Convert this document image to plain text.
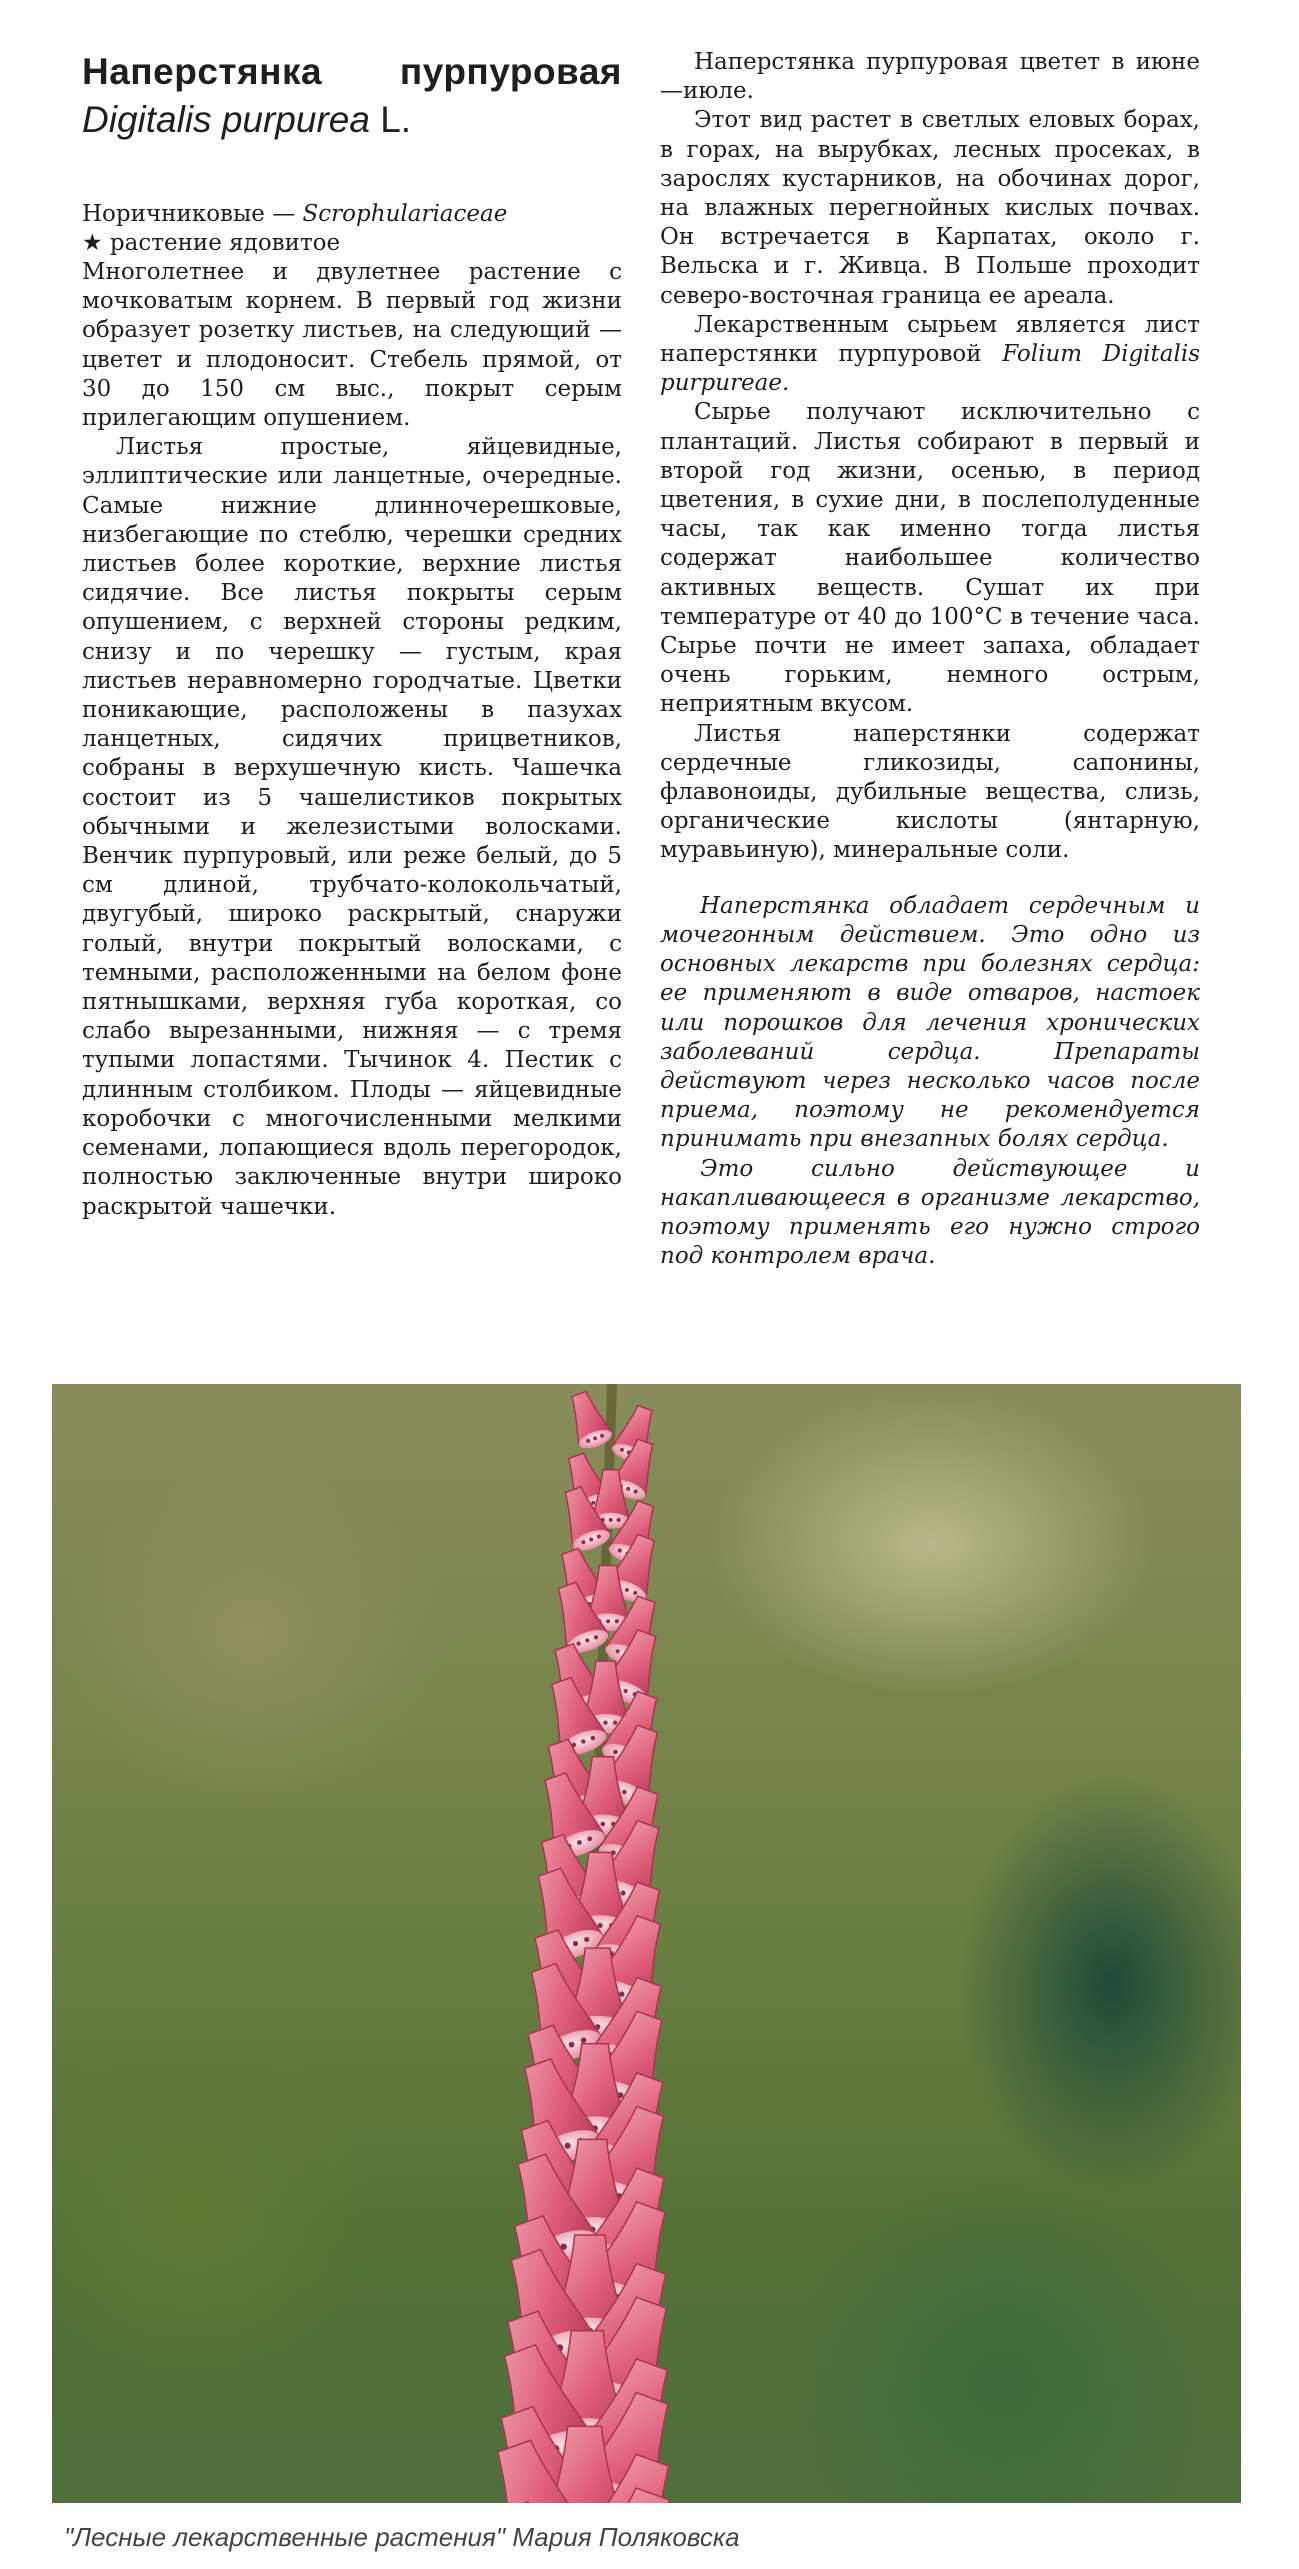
Наперстянка пурпуровая
Digitalis purpurea L.
Норичниковые — Scrophulariaceae
★ растение ядовитое

Многолетнее и двулетнее растение с мочковатым корнем. В первый год жизни образует розетку листьев, на следующий — цветет и плодоносит. Стебель прямой, от 30 до 150 см выс., покрыт серым прилегающим опушением.

Листья простые, яйцевидные, эллиптические или ланцетные, очередные. Самые нижние длинночерешковые, низбегающие по стеблю, черешки средних листьев более короткие, верхние листья сидячие. Все листья покрыты серым опушением, с верхней стороны редким, снизу и по черешку — густым, края листьев неравномерно городчатые. Цветки поникающие, расположены в пазухах ланцетных, сидячих прицветников, собраны в верхушечную кисть. Чашечка состоит из 5 чашелистиков покрытых обычными и железистыми волосками. Венчик пурпуровый, или реже белый, до 5 см длиной, трубчато-колокольчатый, двугубый, широко раскрытый, снаружи голый, внутри покрытый волосками, с темными, расположенными на белом фоне пятнышками, верхняя губа короткая, со слабо вырезанными, нижняя — с тремя тупыми лопастями. Тычинок 4. Пестик с длинным столбиком. Плоды — яйцевидные коробочки с многочисленными мелкими семенами, лопающиеся вдоль перегородок, полностью заключенные внутри широко раскрытой чашечки.

Наперстянка пурпуровая цветет в июне—июле.

Этот вид растет в светлых еловых борах, в горах, на вырубках, лесных просеках, в зарослях кустарников, на обочинах дорог, на влажных перегнойных кислых почвах. Он встречается в Карпатах, около г. Вельска и г. Живца. В Польше проходит северо-восточная граница ее ареала.

Лекарственным сырьем является лист наперстянки пурпуровой Folium Digitalis purpureae.

Сырье получают исключительно с плантаций. Листья собирают в первый и второй год жизни, осенью, в период цветения, в сухие дни, в послеполуденные часы, так как именно тогда листья содержат наибольшее количество активных веществ. Сушат их при температуре от 40 до 100°С в течение часа. Сырье почти не имеет запаха, обладает очень горьким, немного острым, неприятным вкусом.

Листья наперстянки содержат сердечные гликозиды, сапонины, флавоноиды, дубильные вещества, слизь, органические кислоты (янтарную, муравьиную), минеральные соли.

Наперстянка обладает сердечным и мочегонным действием. Это одно из основных лекарств при болезнях сердца: ее применяют в виде отваров, настоек или порошков для лечения хронических заболеваний сердца. Препараты действуют через несколько часов после приема, поэтому не рекомендуется принимать при внезапных болях сердца.

Это сильно действующее и накапливающееся в организме лекарство, поэтому применять его нужно строго под контролем врача.

"Лесные лекарственные растения" Мария Поляковска
